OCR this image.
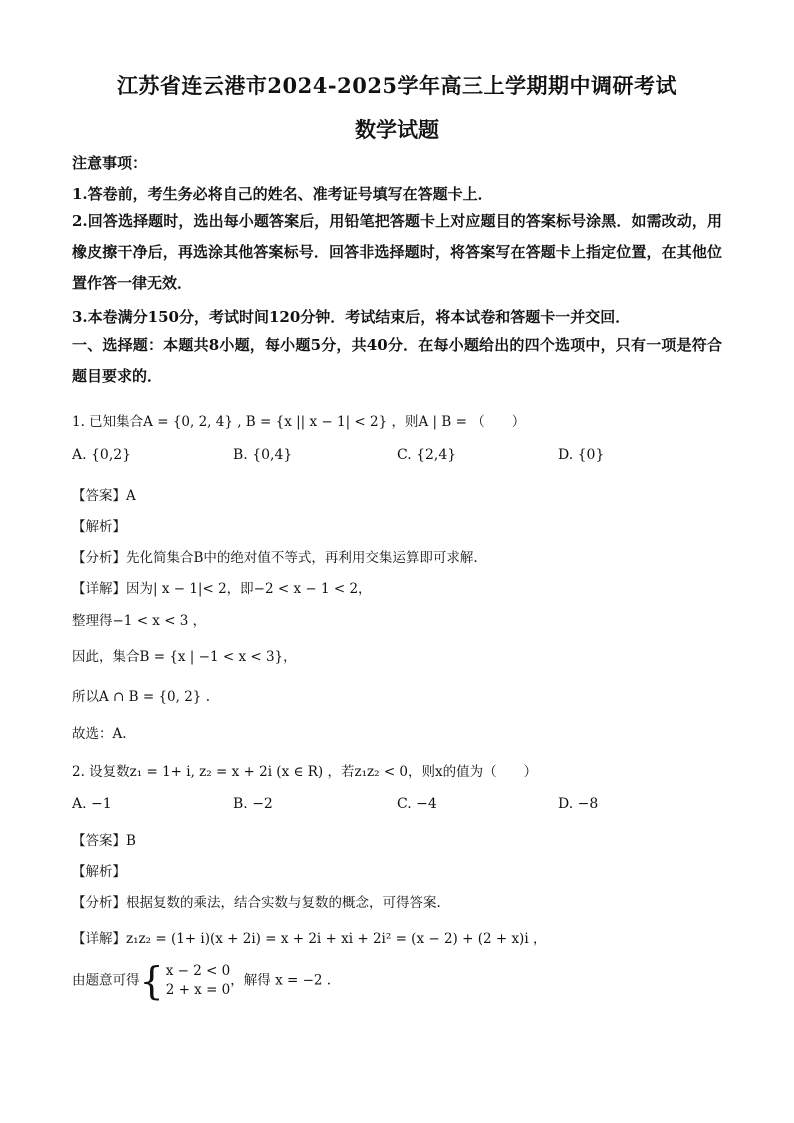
江苏省连云港市2024-2025学年高三上学期期中调研考试
数学试题
注意事项：
1.答卷前，考生务必将自己的姓名、准考证号填写在答题卡上．
2.回答选择题时，选出每小题答案后，用铅笔把答题卡上对应题目的答案标号涂黑．如需改动，用橡皮擦干净后，再选涂其他答案标号．回答非选择题时，将答案写在答题卡上指定位置，在其他位置作答一律无效．
3.本卷满分150分，考试时间120分钟．考试结束后，将本试卷和答题卡一并交回．
一、选择题：本题共8小题，每小题5分，共40分．在每小题给出的四个选项中，只有一项是符合题目要求的．
1. 已知集合A = {0, 2, 4} , B = {x || x − 1| < 2} ，则A | B = （　　）
A. {0,2}	B. {0,4}	C. {2,4}	D. {0}
【答案】A
【解析】
【分析】先化简集合B中的绝对值不等式，再利用交集运算即可求解.
【详解】因为| x − 1|< 2，即−2 < x − 1 < 2，
整理得−1 < x < 3 ，
因此，集合B = {x | −1 < x < 3}，
所以A ∩ B = {0, 2} .
故选：A.
2. 设复数z₁ = 1+ i, z₂ = x + 2i (x ∈ R) ，若z₁z₂ < 0，则x的值为（　　）
A. −1	B. −2	C. −4	D. −8
【答案】B
【解析】
【分析】根据复数的乘法，结合实数与复数的概念，可得答案.
【详解】z₁z₂ = (1+ i)(x + 2i) = x + 2i + xi + 2i² = (x − 2) + (2 + x)i ，
由题意可得{ x − 2 < 0
2 + x = 0
，解得 x = −2 .
